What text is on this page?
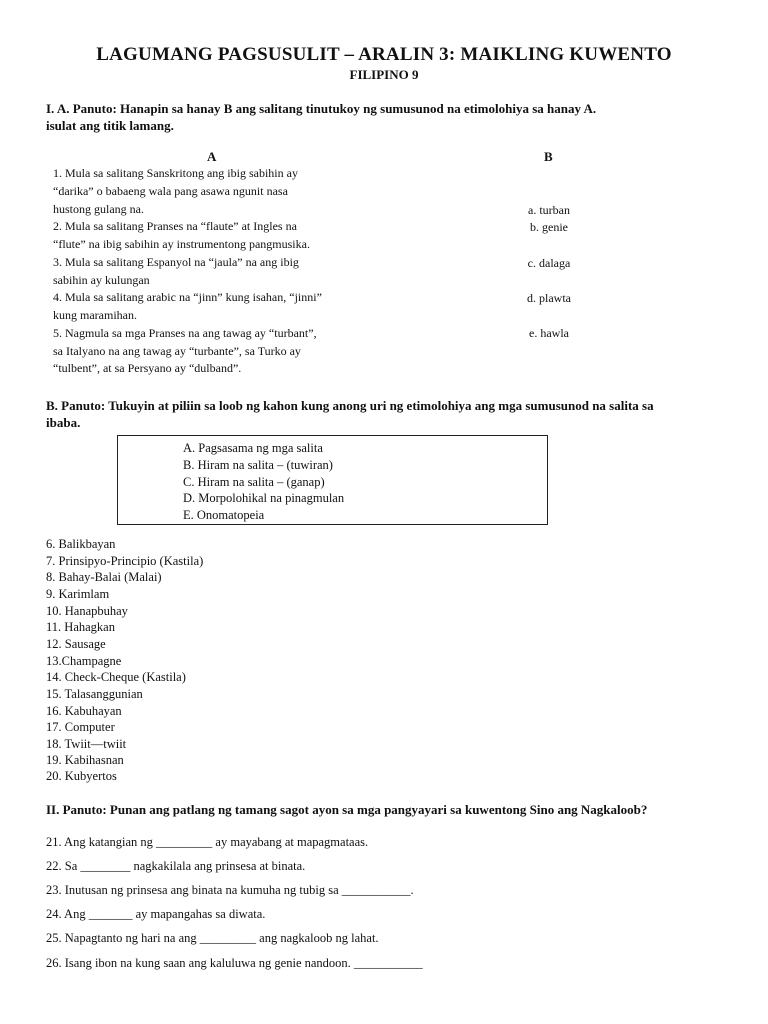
LAGUMANG PAGSUSULIT – ARALIN 3: MAIKLING KUWENTO
FILIPINO 9
I. A. Panuto: Hanapin sa hanay B ang salitang tinutukoy ng sumusunod na etimolohiya sa hanay A.
isulat ang titik lamang.
A	B
1. Mula sa salitang Sanskritong ang ibig sabihin ay
“darika” o babaeng wala pang asawa ngunit nasa
hustong gulang na.
2. Mula sa salitang Pranses na “flaute” at Ingles na
“flute” na ibig sabihin ay instrumentong pangmusika.
3. Mula sa salitang Espanyol na “jaula” na ang ibig
sabihin ay kulungan
4. Mula sa salitang arabic na “jinn” kung isahan, “jinni”
kung maramihan.
5. Nagmula sa mga Pranses na ang tawag ay “turbant”,
sa Italyano na ang tawag ay “turbante”, sa Turko ay
“tulbent”, at sa Persyano ay “dulband”.
a. turban
b. genie
c. dalaga
d. plawta
e. hawla
B. Panuto: Tukuyin at piliin sa loob ng kahon kung anong uri ng etimolohiya ang mga sumusunod na salita sa
ibaba.
A. Pagsasama ng mga salita
B. Hiram na salita – (tuwiran)
C. Hiram na salita – (ganap)
D. Morpolohikal na pinagmulan
E. Onomatopeia
6. Balikbayan
7. Prinsipyo-Principio (Kastila)
8. Bahay-Balai (Malai)
9. Karimlam
10. Hanapbuhay
11. Hahagkan
12. Sausage
13.Champagne
14. Check-Cheque (Kastila)
15. Talasanggunian
16. Kabuhayan
17. Computer
18. Twiit—twiit
19. Kabihasnan
20. Kubyertos
II. Panuto: Punan ang patlang ng tamang sagot ayon sa mga pangyayari sa kuwentong Sino ang Nagkaloob?
21. Ang katangian ng _________ ay mayabang at mapagmataas.
22. Sa ________ nagkakilala ang prinsesa at binata.
23. Inutusan ng prinsesa ang binata na kumuha ng tubig sa ___________.
24. Ang _______ ay mapangahas sa diwata.
25. Napagtanto ng hari na ang _________ ang nagkaloob ng lahat.
26. Isang ibon na kung saan ang kaluluwa ng genie nandoon. ___________
